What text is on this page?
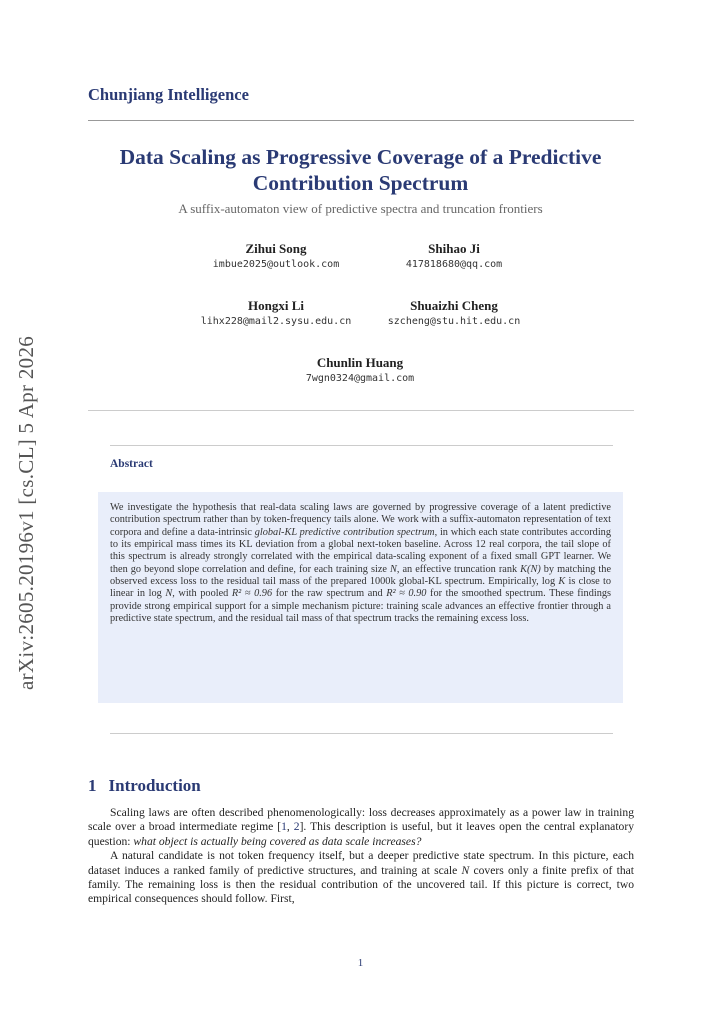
arXiv:2605.20196v1 [cs.CL] 5 Apr 2026
Chunjiang Intelligence
Data Scaling as Progressive Coverage of a Predictive
Contribution Spectrum
A suffix-automaton view of predictive spectra and truncation frontiers
Zihui Song
imbue2025@outlook.com
Shihao Ji
417818680@qq.com
Hongxi Li
lihx228@mail2.sysu.edu.cn
Shuaizhi Cheng
szcheng@stu.hit.edu.cn
Chunlin Huang
7wgn0324@gmail.com
Abstract
We investigate the hypothesis that real-data scaling laws are governed by progressive coverage of a latent predictive contribution spectrum rather than by token-frequency tails alone. We work with a suffix-automaton representation of text corpora and define a data-intrinsic global-KL predictive contribution spectrum, in which each state contributes according to its empirical mass times its KL deviation from a global next-token baseline. Across 12 real corpora, the tail slope of this spectrum is already strongly correlated with the empirical data-scaling exponent of a fixed small GPT learner. We then go beyond slope correlation and define, for each training size N, an effective truncation rank K(N) by matching the observed excess loss to the residual tail mass of the prepared 1000k global-KL spectrum. Empirically, log K is close to linear in log N, with pooled R² ≈ 0.96 for the raw spectrum and R² ≈ 0.90 for the smoothed spectrum. These findings provide strong empirical support for a simple mechanism picture: training scale advances an effective frontier through a predictive state spectrum, and the residual tail mass of that spectrum tracks the remaining excess loss.
1 Introduction

Scaling laws are often described phenomenologically: loss decreases approximately as a power law in training scale over a broad intermediate regime [1, 2]. This description is useful, but it leaves open the central explanatory question: what object is actually being covered as data scale increases?

A natural candidate is not token frequency itself, but a deeper predictive state spectrum. In this picture, each dataset induces a ranked family of predictive structures, and training at scale N covers only a finite prefix of that family. The remaining loss is then the residual contribution of the uncovered tail. If this picture is correct, two empirical consequences should follow. First,

1
